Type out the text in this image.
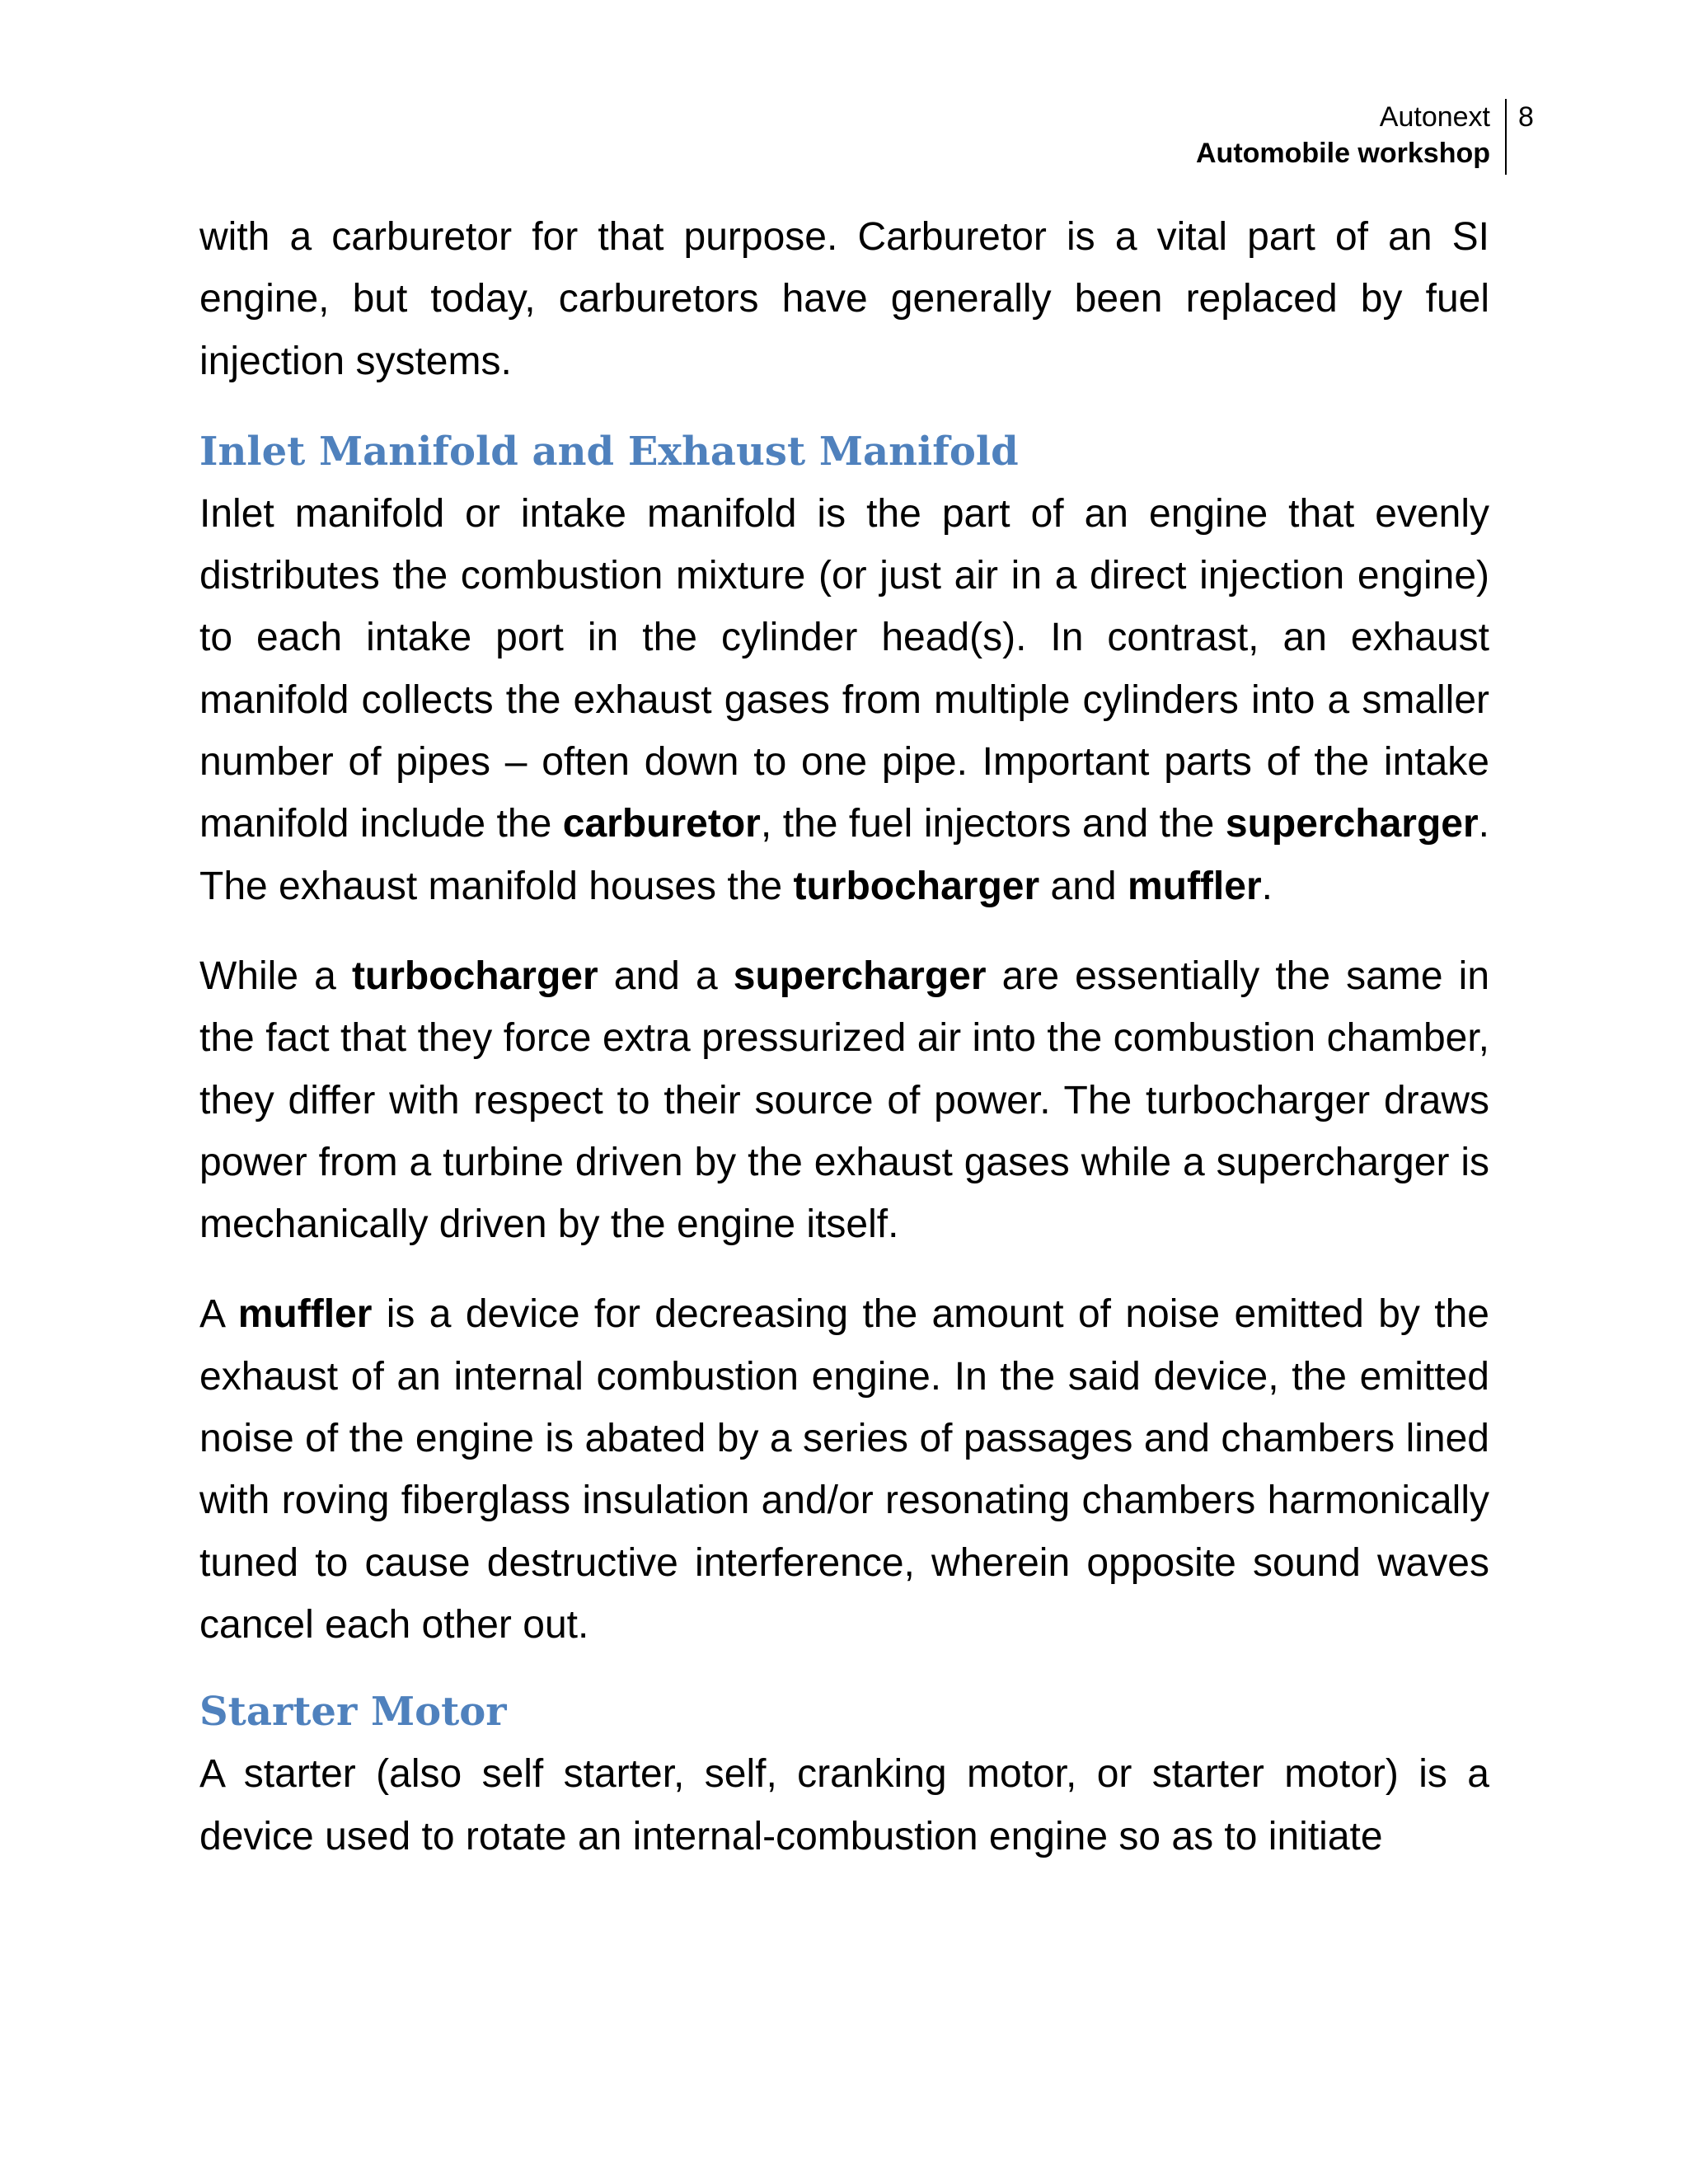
Autonext
Automobile workshop
8

with a carburetor for that purpose. Carburetor is a vital part of an SI engine, but today, carburetors have generally been replaced by fuel injection systems.

Inlet Manifold and Exhaust Manifold

Inlet manifold or intake manifold is the part of an engine that evenly distributes the combustion mixture (or just air in a direct injection engine) to each intake port in the cylinder head(s). In contrast, an exhaust manifold collects the exhaust gases from multiple cylinders into a smaller number of pipes – often down to one pipe. Important parts of the intake manifold include the carburetor, the fuel injectors and the supercharger. The exhaust manifold houses the turbocharger and muffler.

While a turbocharger and a supercharger are essentially the same in the fact that they force extra pressurized air into the combustion chamber, they differ with respect to their source of power. The turbocharger draws power from a turbine driven by the exhaust gases while a supercharger is mechanically driven by the engine itself.

A muffler is a device for decreasing the amount of noise emitted by the exhaust of an internal combustion engine. In the said device, the emitted noise of the engine is abated by a series of passages and chambers lined with roving fiberglass insulation and/or resonating chambers harmonically tuned to cause destructive interference, wherein opposite sound waves cancel each other out.

Starter Motor

A starter (also self starter, self, cranking motor, or starter motor) is a device used to rotate an internal-combustion engine so as to initiate
